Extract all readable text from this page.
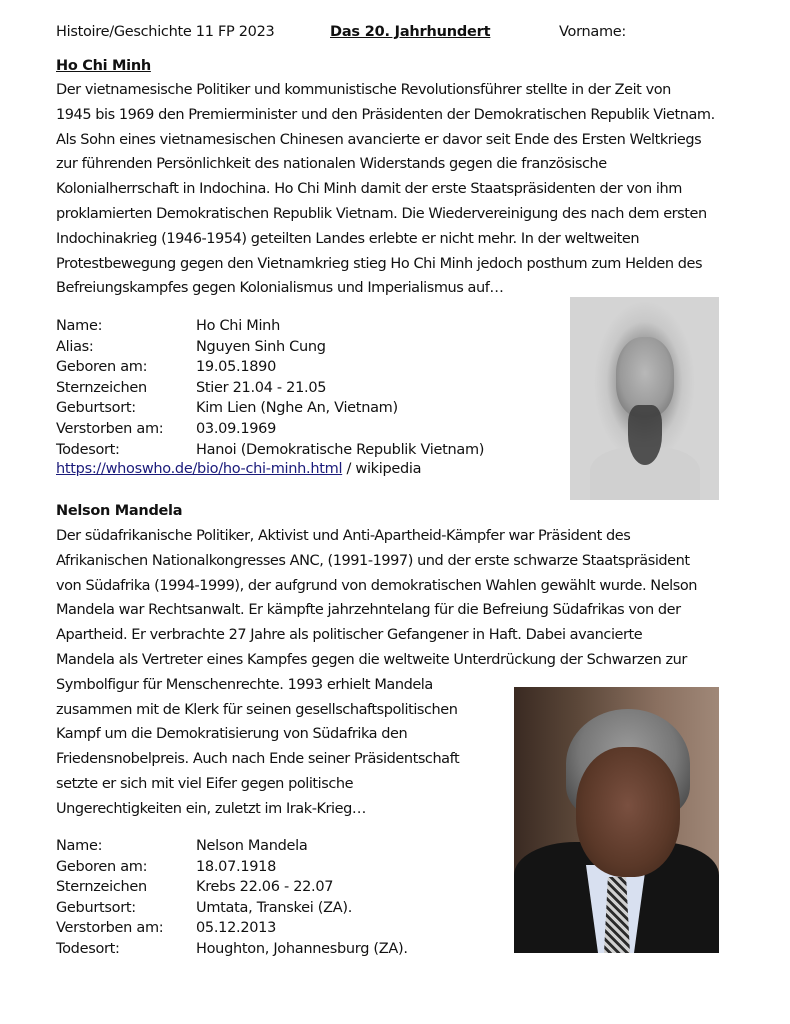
Histoire/Geschichte 11 FP 2023	Das 20. Jahrhundert	Vorname:
Ho Chi Minh
Der vietnamesische Politiker und kommunistische Revolutionsführer stellte in der Zeit von
1945 bis 1969 den Premierminister und den Präsidenten der Demokratischen Republik Vietnam.
Als Sohn eines vietnamesischen Chinesen avancierte er davor seit Ende des Ersten Weltkriegs
zur führenden Persönlichkeit des nationalen Widerstands gegen die französische
Kolonialherrschaft in Indochina. Ho Chi Minh damit der erste Staatspräsidenten der von ihm
proklamierten Demokratischen Republik Vietnam. Die Wiedervereinigung des nach dem ersten
Indochinakrieg (1946-1954) geteilten Landes erlebte er nicht mehr. In der weltweiten
Protestbewegung gegen den Vietnamkrieg stieg Ho Chi Minh jedoch posthum zum Helden des
Befreiungskampfes gegen Kolonialismus und Imperialismus auf…
Name:	Ho Chi Minh
Alias:	Nguyen Sinh Cung
Geboren am:	19.05.1890
Sternzeichen	Stier 21.04 - 21.05
Geburtsort:	Kim Lien (Nghe An, Vietnam)
Verstorben am:	03.09.1969
Todesort:	Hanoi (Demokratische Republik Vietnam)
https://whoswho.de/bio/ho-chi-minh.html / wikipedia
Nelson Mandela
Der südafrikanische Politiker, Aktivist und Anti-Apartheid-Kämpfer war Präsident des
Afrikanischen Nationalkongresses ANC, (1991-1997) und der erste schwarze Staatspräsident
von Südafrika (1994-1999), der aufgrund von demokratischen Wahlen gewählt wurde. Nelson
Mandela war Rechtsanwalt. Er kämpfte jahrzehntelang für die Befreiung Südafrikas von der
Apartheid. Er verbrachte 27 Jahre als politischer Gefangener in Haft. Dabei avancierte
Mandela als Vertreter eines Kampfes gegen die weltweite Unterdrückung der Schwarzen zur
Symbolfigur für Menschenrechte. 1993 erhielt Mandela
zusammen mit de Klerk für seinen gesellschaftspolitischen
Kampf um die Demokratisierung von Südafrika den
Friedensnobelpreis. Auch nach Ende seiner Präsidentschaft
setzte er sich mit viel Eifer gegen politische
Ungerechtigkeiten ein, zuletzt im Irak-Krieg…
Name:	Nelson Mandela
Geboren am:	18.07.1918
Sternzeichen	Krebs 22.06 - 22.07
Geburtsort:	Umtata, Transkei (ZA).
Verstorben am:	05.12.2013
Todesort:	Houghton, Johannesburg (ZA).
